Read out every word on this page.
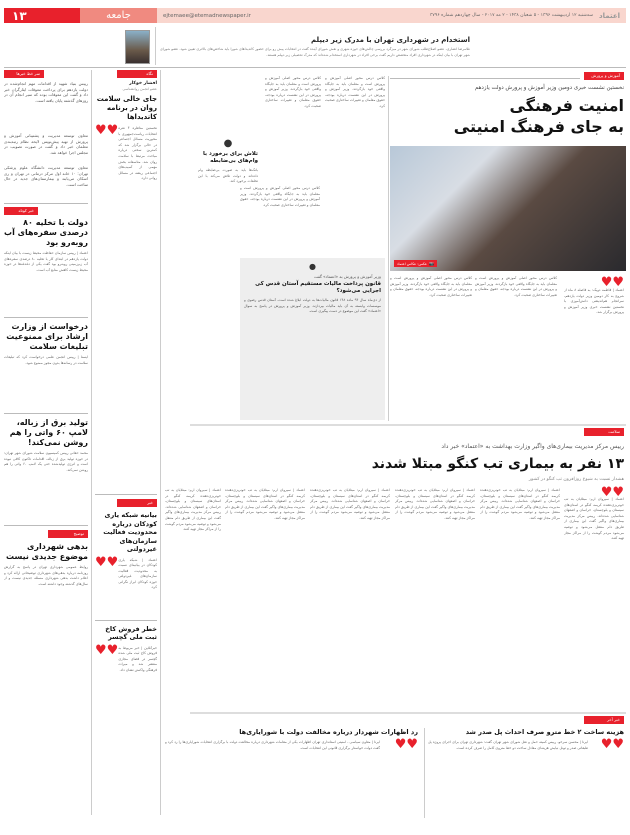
۱۳	جامعه	ejtemaee@etemadnewspaper.ir	اعتماد
سه‌شنبه ۱۲ اردیبهشت ۱۳۹۶ - ۵ شعبان ۱۴۳۸ - ۲ مه ۲۰۱۷ - سال چهاردهم شماره ۳۷۹۶
استخدام در شهرداری تهران با مدرک زیر دیپلم
غلامرضا انصاری، عضو اصلاح‌طلب شورای شهر در میزگرد بررسی چالش‌های حوزه شهری و نقش شورای آینده گفت در انتخابات پیش رو برای حضور کاندیداهای شورا باید شاخص‌های بالاتری تعیین شود. عضو شورای شهر تهران با بیان اینکه در شهرداری افراد متخصص داریم گفت برخی افراد در شهرداری استخدام شده‌اند که مدرک تحصیلی زیر دیپلم هستند.
سر خط خبرها
رییس بنیاد شهید از اقدامات مهم انجام‌شده در دولت یازدهم برای پرداخت معوقات ایثارگران خبر داد و گفت این معوقات بوده که سیر انجام آن در روزهای گذشته پایان یافته است.
معاون توسعه مدیریت و پشتیبانی آموزش و پرورش از تهیه پیش‌نویس لایحه نظام رتبه‌بندی معلمان خبر داد و گفت در صورت تصویب در مجلس اجرا خواهد شد.
معاون توسعه مدیریت دانشگاه علوم پزشکی تهران: ۱۰ خانه اول مرکز درمانی در تهران و ری اسکان می‌یابند و بیمارستان‌های جدید در حال ساخت است.
خبر کوتاه
دولت با تخلیه ۸۰ درصدی سفره‌های آب روبه‌رو بود
اعتماد | رییس سازمان حفاظت محیط زیست با بیان اینکه دولت یازدهم در ابتدای کار با تخلیه ۸۰ درصدی سفره‌های آب زیرزمینی روبه‌رو بود گفت یکی از دغدغه‌ها در حوزه محیط زیست کاهش منابع آب است.
درخواست از وزارت ارشاد برای ممنوعیت تبلیغات سلامت
ایسنا | رییس انجمن علمی درخواست کرد که تبلیغات سلامت در رسانه‌ها بدون مجوز ممنوع شود.
تولید برق از زباله، لامپ ۶۰ واتی را هم روشن نمی‌کند!
محمد حقانی رییس کمیسیون سلامت شورای شهر تهران: در حوزه تولید برق از زباله، اقدامات تاکنون کافی نبوده است و انرژی تولیدشده حتی یک لامپ ۶۰ واتی را هم روشن نمی‌کند.
توضیح
بدهی شهرداری موضوع جدیدی نیست
روابط عمومی شهرداری تهران در پاسخ به گزارش روزنامه درباره بدهی‌های شهرداری توضیحاتی ارائه کرد و اعلام داشت بدهی شهرداری مسئله جدیدی نیست و از سال‌های گذشته وجود داشته است.
نگاه
افشار خوکار
عضو انجمن روانشناسی
جای خالی سلامت روان در برنامه کاندیداها
♥♥ نخستین مناظره ۴ نفره انتخابات ریاست‌جمهوری با محوریت مسائل اجتماعی در حالی برگزار شد که کمترین سخنی درباره مباحث مرتبط با سلامت روان شد. متاسفانه بخش مهمی از آسیب‌های اجتماعی ریشه در مسائل روانی دارد.
خبر
بیانیه شبکه یاری کودکان درباره محدودیت فعالیت سازمان‌های غیردولتی
♥♥ اعتماد | شبکه یاری کودکان در بیانیه‌ای نسبت به محدودیت فعالیت سازمان‌های غیردولتی حوزه کودکان ابراز نگرانی کرد.
خطر فروش کاخ ثبت ملی گچسر
♥♥ خبرآنلاین | خبر مربوط به فروش کاخ ثبت ملی شده گچسر در فضای مجازی منتشر شد و میراث فرهنگی واکنش نشان داد.
●
تلاش برای برخورد با وام‌های بی‌ضابطه
بانک‌ها باید به صورت بی‌ضابطه وام داده‌اند و دولت تلاش می‌کند با این تخلفات برخورد کند.
کلاس درس محور اصلی آموزش و پرورش است و معلمان باید به جایگاه واقعی خود بازگردند. وزیر آموزش و پرورش در این نشست درباره بودجه، حقوق معلمان و تغییرات ساختاری صحبت کرد.
کلاس درس محور اصلی آموزش و پرورش است و معلمان باید به جایگاه واقعی خود بازگردند. وزیر آموزش و پرورش در این نشست درباره بودجه، حقوق معلمان و تغییرات ساختاری صحبت کرد.
کلاس درس محور اصلی آموزش و پرورش است و معلمان باید به جایگاه واقعی خود بازگردند. وزیر آموزش و پرورش در این نشست درباره بودجه، حقوق معلمان و تغییرات ساختاری صحبت کرد.
●
وزیر آموزش و پرورش به «اعتماد» گفت
قانون پرداخت مالیات مستقیم آستان قدس کی اجرایی می‌شود؟
از دی‌ماه سال ۹۴ ماده ۱۴۸ قانون مالیات‌ها به دولت ابلاغ شده است. آستان قدس رضوی و موسسات وابسته به آن باید مالیات بپردازند. وزیر آموزش و پرورش در پاسخ به سوال «اعتماد» گفت این موضوع در دست پیگیری است.
آموزش و پرورش
نخستین نشست خبری دومین وزیر آموزش و پرورش دولت یازدهم
امنیت فرهنگی
به جای فرهنگ امنیتی
📷
عکس: عکاس اعتماد
♥♥
اعتماد | فاطمه دویک: به فاصله ۸ ماه از شروع به کار دومین وزیر دولت یازدهم، سرانجام هم‌اندیشی دانش‌آموزی با نخستین نشست خبری وزیر آموزش و پرورش برگزار شد.
کلاس درس محور اصلی آموزش و پرورش است و معلمان باید به جایگاه واقعی خود بازگردند. وزیر آموزش و پرورش در این نشست درباره بودجه، حقوق معلمان و تغییرات ساختاری صحبت کرد.
کلاس درس محور اصلی آموزش و پرورش است و معلمان باید به جایگاه واقعی خود بازگردند. وزیر آموزش و پرورش در این نشست درباره بودجه، حقوق معلمان و تغییرات ساختاری صحبت کرد.
سلامت
رییس مرکز مدیریت بیماری‌های واگیر وزارت بهداشت به «اعتماد» خبر داد
۱۳ نفر به بیماری تب کنگو مبتلا شدند
هشدار نسبت به شیوع روزافزون تب کنگو در کشور
♥♥
اعتماد | سیروان ارم: مبتلایان به تب خونریزی‌دهنده کریمه کنگو در استان‌های سیستان و بلوچستان، خراسان و اصفهان شناسایی شده‌اند. رییس مرکز مدیریت بیماری‌های واگیر گفت این بیماری از طریق دام منتقل می‌شود و توصیه می‌شود مردم گوشت را از مراکز مجاز تهیه کنند.
اعتماد | سیروان ارم: مبتلایان به تب خونریزی‌دهنده کریمه کنگو در استان‌های سیستان و بلوچستان، خراسان و اصفهان شناسایی شده‌اند. رییس مرکز مدیریت بیماری‌های واگیر گفت این بیماری از طریق دام منتقل می‌شود و توصیه می‌شود مردم گوشت را از مراکز مجاز تهیه کنند.
اعتماد | سیروان ارم: مبتلایان به تب خونریزی‌دهنده کریمه کنگو در استان‌های سیستان و بلوچستان، خراسان و اصفهان شناسایی شده‌اند. رییس مرکز مدیریت بیماری‌های واگیر گفت این بیماری از طریق دام منتقل می‌شود و توصیه می‌شود مردم گوشت را از مراکز مجاز تهیه کنند.
اعتماد | سیروان ارم: مبتلایان به تب خونریزی‌دهنده کریمه کنگو در استان‌های سیستان و بلوچستان، خراسان و اصفهان شناسایی شده‌اند. رییس مرکز مدیریت بیماری‌های واگیر گفت این بیماری از طریق دام منتقل می‌شود و توصیه می‌شود مردم گوشت را از مراکز مجاز تهیه کنند.
اعتماد | سیروان ارم: مبتلایان به تب خونریزی‌دهنده کریمه کنگو در استان‌های سیستان و بلوچستان، خراسان و اصفهان شناسایی شده‌اند. رییس مرکز مدیریت بیماری‌های واگیر گفت این بیماری از طریق دام منتقل می‌شود و توصیه می‌شود مردم گوشت را از مراکز مجاز تهیه کنند.
اعتماد | سیروان ارم: مبتلایان به تب خونریزی‌دهنده کریمه کنگو در استان‌های سیستان و بلوچستان، خراسان و اصفهان شناسایی شده‌اند. رییس مرکز مدیریت بیماری‌های واگیر گفت این بیماری از طریق دام منتقل می‌شود و توصیه می‌شود مردم گوشت را از مراکز مجاز تهیه کنند.
خبر آخر
هزینه ساخت ۲ خط مترو صرف احداث پل صدر شد
♥♥
ایرنا | محسن سرخو، رییس کمیته حمل و نقل شورای شهر تهران گفت: شهرداری تهران برای اجرای پروژه پل طبقاتی صدر و تونل نیایش هزینه‌ای معادل ساخت دو خط متروی کامل را صرف کرده است.
رد اظهارات شهردار درباره مخالفت دولت با شورایاری‌ها
♥♥
ایرنا | معاون سیاسی - امنیتی استانداری تهران اظهارات یکی از مقامات شهرداری درباره مخالفت دولت با برگزاری انتخابات شورایاری‌ها را رد کرد و گفت دولت خواستار برگزاری قانونی این انتخابات است.
